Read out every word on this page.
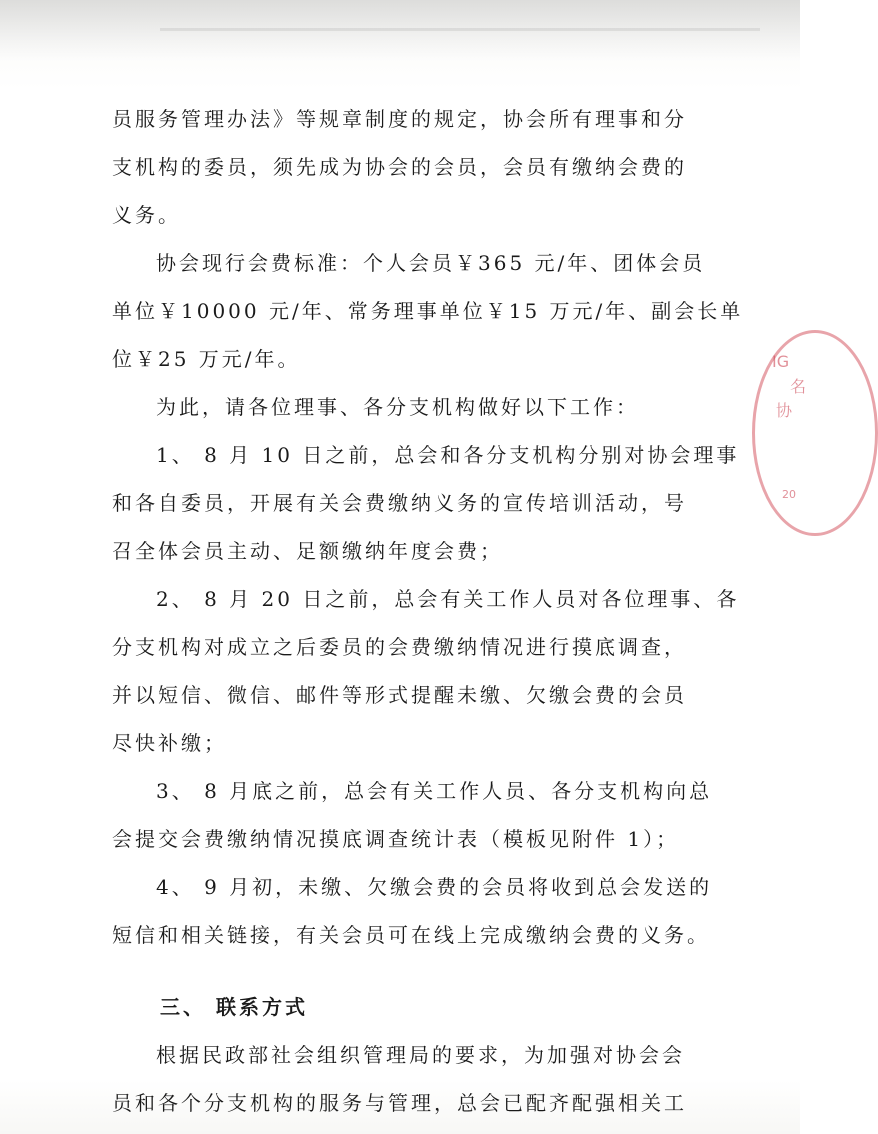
员服务管理办法》等规章制度的规定，协会所有理事和分
支机构的委员，须先成为协会的会员，会员有缴纳会费的
义务。
协会现行会费标准：个人会员￥365 元/年、团体会员
单位￥10000 元/年、常务理事单位￥15 万元/年、副会长单
位￥25 万元/年。
为此，请各位理事、各分支机构做好以下工作：
1、 8 月 10 日之前，总会和各分支机构分别对协会理事
和各自委员，开展有关会费缴纳义务的宣传培训活动，号
召全体会员主动、足额缴纳年度会费；
2、 8 月 20 日之前，总会有关工作人员对各位理事、各
分支机构对成立之后委员的会费缴纳情况进行摸底调查，
并以短信、微信、邮件等形式提醒未缴、欠缴会费的会员
尽快补缴；
3、 8 月底之前，总会有关工作人员、各分支机构向总
会提交会费缴纳情况摸底调查统计表（模板见附件 1）；
4、 9 月初，未缴、欠缴会费的会员将收到总会发送的
短信和相关链接，有关会员可在线上完成缴纳会费的义务。
三、 联系方式
根据民政部社会组织管理局的要求，为加强对协会会
员和各个分支机构的服务与管理，总会已配齐配强相关工
IG
名
协
20
